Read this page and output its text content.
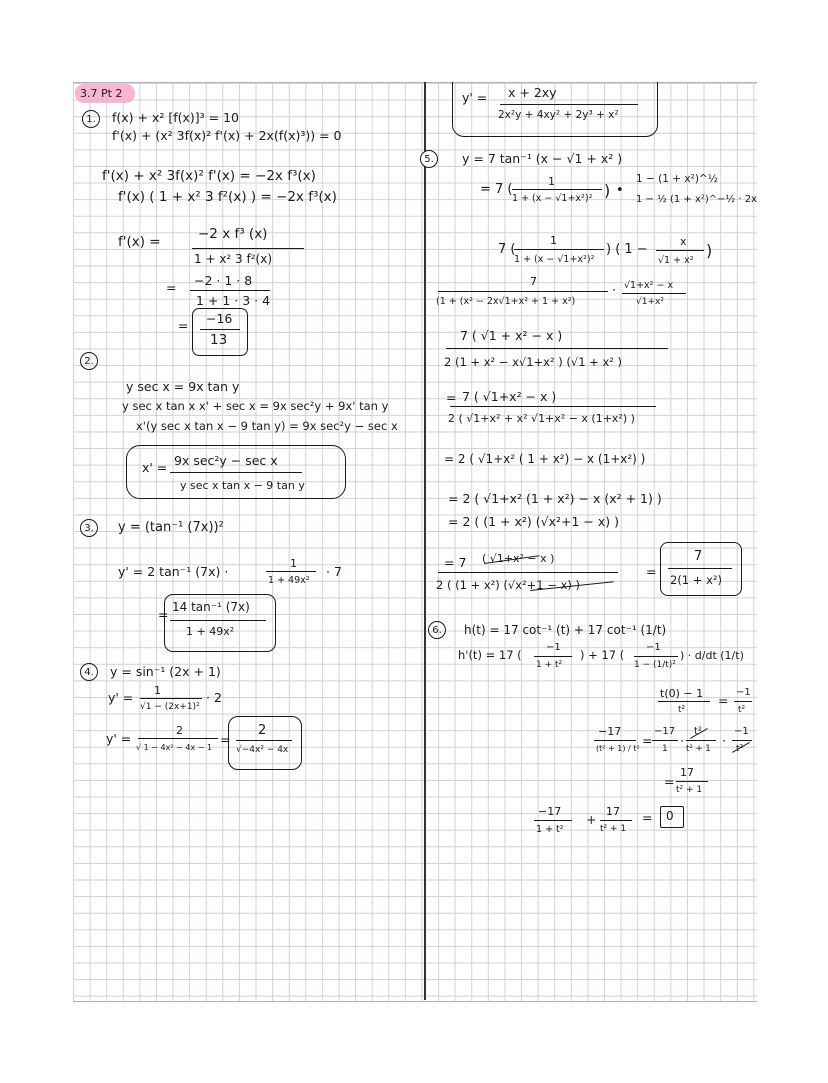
3.7 Pt 2
1.	f(x) + x² [f(x)]³ = 10
f'(x) + (x² 3f(x)² f'(x) + 2x(f(x)³)) = 0
f'(x) + x² 3f(x)² f'(x) = −2x f³(x)
f'(x) ( 1 + x² 3 f²(x) ) = −2x f³(x)
f'(x) =	−2 x f³ (x)
1 + x² 3 f²(x)
= −2 · 1 · 8
1 + 1 · 3 · 4
= −16
13
2.
y sec x = 9x tan y
y sec x tan x x' + sec x = 9x sec²y + 9x' tan y
x'(y sec x tan x − 9 tan y) = 9x sec²y − sec x
x' = 9x sec²y − sec x
y sec x tan x − 9 tan y
3.	y = (tan⁻¹ (7x))²
y' = 2 tan⁻¹ (7x) ·
1
1 + 49x²
· 7
= 14 tan⁻¹ (7x)
1 + 49x²
4.	y = sin⁻¹ (2x + 1)
y' = 1
√1 − (2x+1)²
· 2
y' =
2
√ 1 − 4x² − 4x − 1
=
2
√−4x² − 4x
y' = x + 2xy
2x²y + 4xy² + 2y³ + x²
5.	y = 7 tan⁻¹ (x − √1 + x² )
= 7 (
1
1 + (x − √1+x²)² ) •
1 − (1 + x²)^½
1 − ½ (1 + x²)^−½ · 2x
7 (
1
1 + (x − √1+x²)²
) ( 1 −
x
√1 + x²
)
7
(1 + (x² − 2x√1+x² + 1 + x²)
· √1+x² − x
√1+x²
7 ( √1 + x² − x )
2 (1 + x² − x√1+x² ) (√1 + x² )
= 7 ( √1+x² − x )
2 ( √1+x² + x² √1+x² − x (1+x²) )
= 2 ( √1+x² ( 1 + x²) − x (1+x²) )
= 2 ( √1+x² (1 + x²) − x (x² + 1) )
= 2 ( (1 + x²) (√x²+1 − x) )
= 7 ( √1+x² − x )
2 ( (1 + x²) (√x²+1 − x) )
=
7
2(1 + x²)
6.	h(t) = 17 cot⁻¹ (t) + 17 cot⁻¹ (1/t)
h'(t) = 17 (
−1
1 + t²
) + 17 (
−1
1 − (1/t)²
) · d/dt (1/t)
t(0) − 1
t²
=
−1
t²
−17
(t² + 1) / t²
=
−17
1
·
t²
t² + 1
·
−1
t²
=
17
t² + 1
−17
1 + t²
+
17
t² + 1
= 0
